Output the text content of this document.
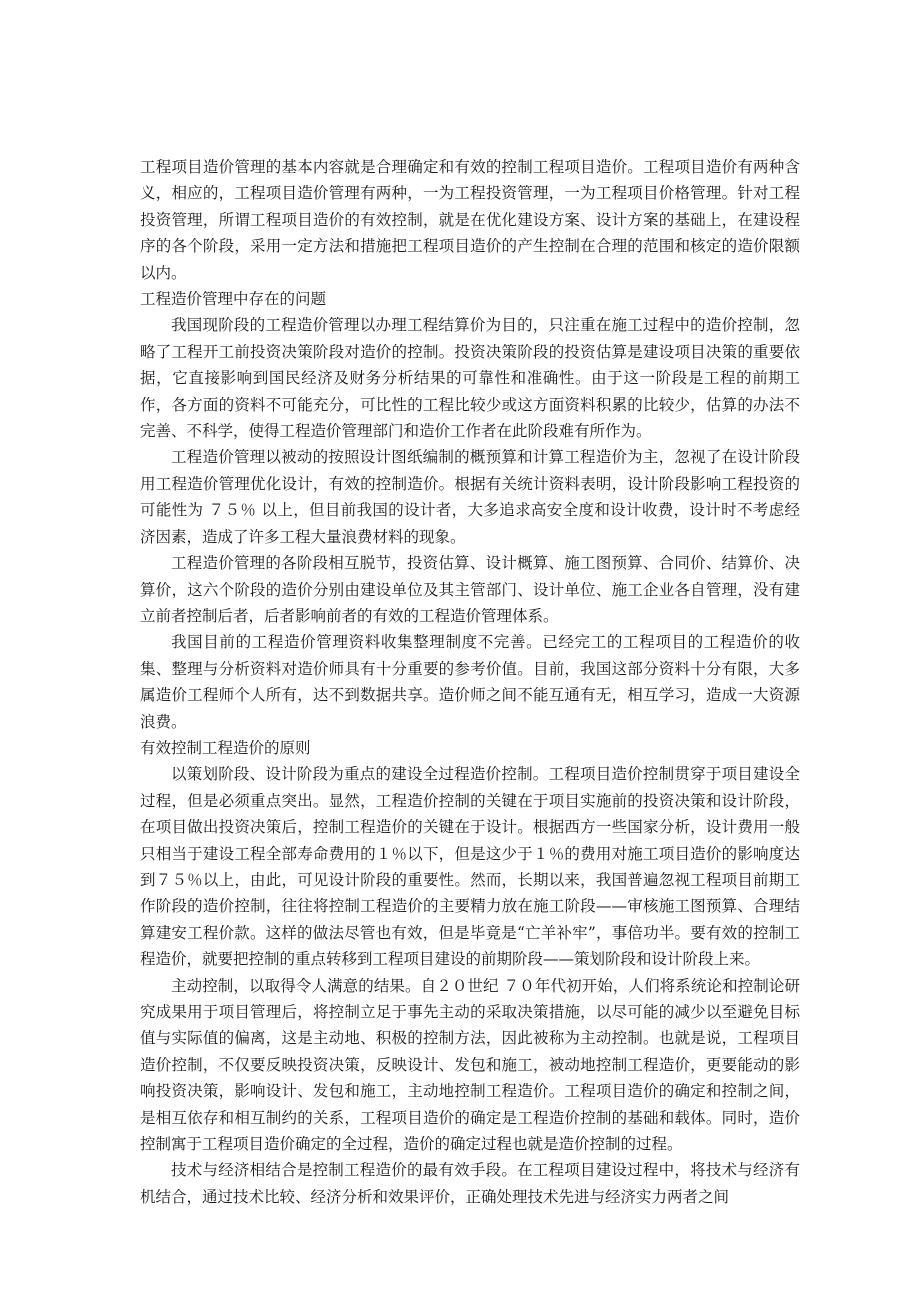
工程项目造价管理的基本内容就是合理确定和有效的控制工程项目造价。工程项目造价有两种含义，相应的，工程项目造价管理有两种，一为工程投资管理，一为工程项目价格管理。针对工程投资管理，所谓工程项目造价的有效控制，就是在优化建设方案、设计方案的基础上，在建设程序的各个阶段，采用一定方法和措施把工程项目造价的产生控制在合理的范围和核定的造价限额以内。

工程造价管理中存在的问题

我国现阶段的工程造价管理以办理工程结算价为目的，只注重在施工过程中的造价控制，忽略了工程开工前投资决策阶段对造价的控制。投资决策阶段的投资估算是建设项目决策的重要依据，它直接影响到国民经济及财务分析结果的可靠性和准确性。由于这一阶段是工程的前期工作，各方面的资料不可能充分，可比性的工程比较少或这方面资料积累的比较少，估算的办法不完善、不科学，使得工程造价管理部门和造价工作者在此阶段难有所作为。

工程造价管理以被动的按照设计图纸编制的概预算和计算工程造价为主，忽视了在设计阶段用工程造价管理优化设计，有效的控制造价。根据有关统计资料表明，设计阶段影响工程投资的可能性为 ７５％ 以上，但目前我国的设计者，大多追求高安全度和设计收费，设计时不考虑经济因素，造成了许多工程大量浪费材料的现象。

工程造价管理的各阶段相互脱节，投资估算、设计概算、施工图预算、合同价、结算价、决算价，这六个阶段的造价分别由建设单位及其主管部门、设计单位、施工企业各自管理，没有建立前者控制后者，后者影响前者的有效的工程造价管理体系。

我国目前的工程造价管理资料收集整理制度不完善。已经完工的工程项目的工程造价的收集、整理与分析资料对造价师具有十分重要的参考价值。目前，我国这部分资料十分有限，大多属造价工程师个人所有，达不到数据共享。造价师之间不能互通有无，相互学习，造成一大资源浪费。

有效控制工程造价的原则

以策划阶段、设计阶段为重点的建设全过程造价控制。工程项目造价控制贯穿于项目建设全过程，但是必须重点突出。显然，工程造价控制的关键在于项目实施前的投资决策和设计阶段，在项目做出投资决策后，控制工程造价的关键在于设计。根据西方一些国家分析，设计费用一般只相当于建设工程全部寿命费用的１％以下，但是这少于１％的费用对施工项目造价的影响度达到７５％以上，由此，可见设计阶段的重要性。然而，长期以来，我国普遍忽视工程项目前期工作阶段的造价控制，往往将控制工程造价的主要精力放在施工阶段——审核施工图预算、合理结算建安工程价款。这样的做法尽管也有效，但是毕竟是“亡羊补牢”，事倍功半。要有效的控制工程造价，就要把控制的重点转移到工程项目建设的前期阶段——策划阶段和设计阶段上来。

主动控制，以取得令人满意的结果。自２０世纪 ７０年代初开始，人们将系统论和控制论研究成果用于项目管理后，将控制立足于事先主动的采取决策措施，以尽可能的减少以至避免目标值与实际值的偏离，这是主动地、积极的控制方法，因此被称为主动控制。也就是说，工程项目造价控制，不仅要反映投资决策，反映设计、发包和施工，被动地控制工程造价，更要能动的影响投资决策，影响设计、发包和施工，主动地控制工程造价。工程项目造价的确定和控制之间，是相互依存和相互制约的关系，工程项目造价的确定是工程造价控制的基础和载体。同时，造价控制寓于工程项目造价确定的全过程，造价的确定过程也就是造价控制的过程。

技术与经济相结合是控制工程造价的最有效手段。在工程项目建设过程中，将技术与经济有机结合，通过技术比较、经济分析和效果评价，正确处理技术先进与经济实力两者之间
